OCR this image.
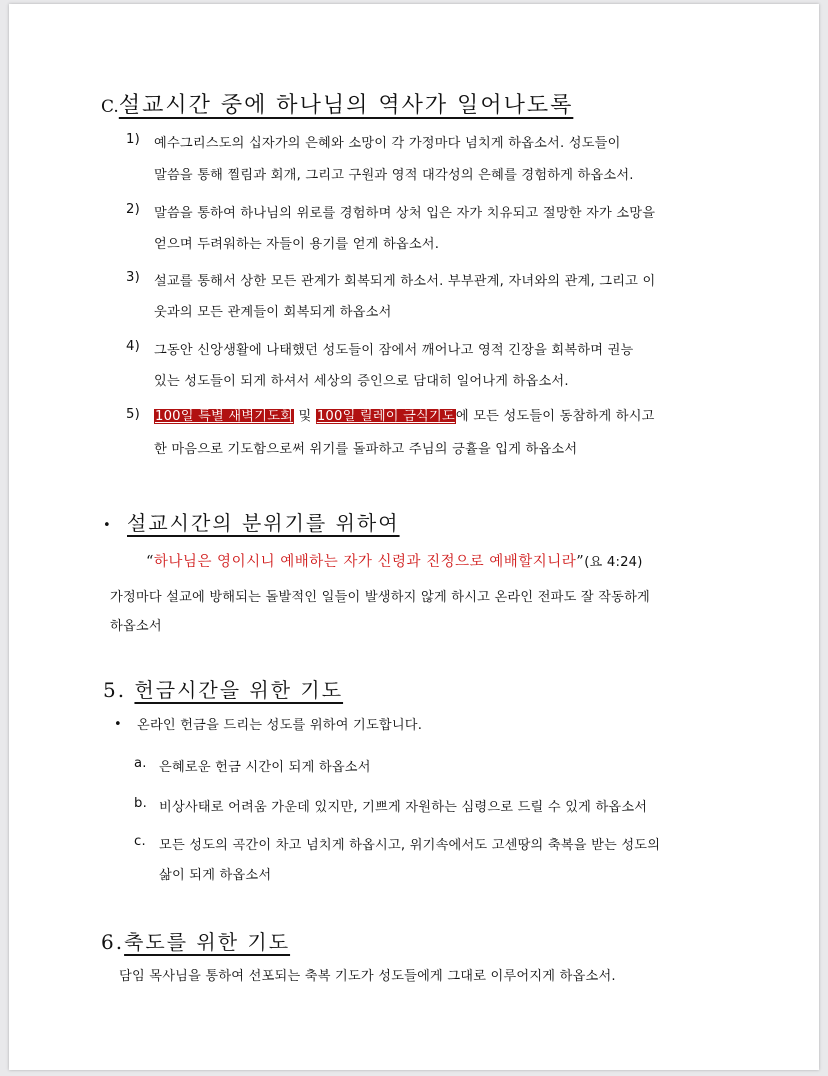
C.설교시간 중에 하나님의 역사가 일어나도록
1) 예수그리스도의 십자가의 은혜와 소망이 각 가정마다 넘치게 하옵소서. 성도들이
말씀을 통해 찔림과 회개, 그리고 구원과 영적 대각성의 은혜를 경험하게 하옵소서.
2) 말씀을 통하여 하나님의 위로를 경험하며 상처 입은 자가 치유되고 절망한 자가 소망을
얻으며 두려워하는 자들이 용기를 얻게 하옵소서.
3) 설교를 통해서 상한 모든 관계가 회복되게 하소서. 부부관계, 자녀와의 관계, 그리고 이
웃과의 모든 관계들이 회복되게 하옵소서
4) 그동안 신앙생활에 나태했던 성도들이 잠에서 깨어나고 영적 긴장을 회복하며 권능
있는 성도들이 되게 하셔서 세상의 증인으로 담대히 일어나게 하옵소서.
5) 100일 특별 새벽기도회 및 100일 릴레이 금식기도에 모든 성도들이 동참하게 하시고
한 마음으로 기도함으로써 위기를 돌파하고 주님의 긍휼을 입게 하옵소서
• 설교시간의 분위기를 위하여
“하나님은 영이시니 예배하는 자가 신령과 진정으로 예배할지니라”(요 4:24)
가정마다 설교에 방해되는 돌발적인 일들이 발생하지 않게 하시고 온라인 전파도 잘 작동하게
하옵소서
5. 헌금시간을 위한 기도
• 온라인 헌금을 드리는 성도를 위하여 기도합니다.
a. 은혜로운 헌금 시간이 되게 하옵소서
b. 비상사태로 어려움 가운데 있지만, 기쁘게 자원하는 심령으로 드릴 수 있게 하옵소서
c. 모든 성도의 곡간이 차고 넘치게 하옵시고, 위기속에서도 고센땅의 축복을 받는 성도의
삶이 되게 하옵소서
6.축도를 위한 기도
담임 목사님을 통하여 선포되는 축복 기도가 성도들에게 그대로 이루어지게 하옵소서.
